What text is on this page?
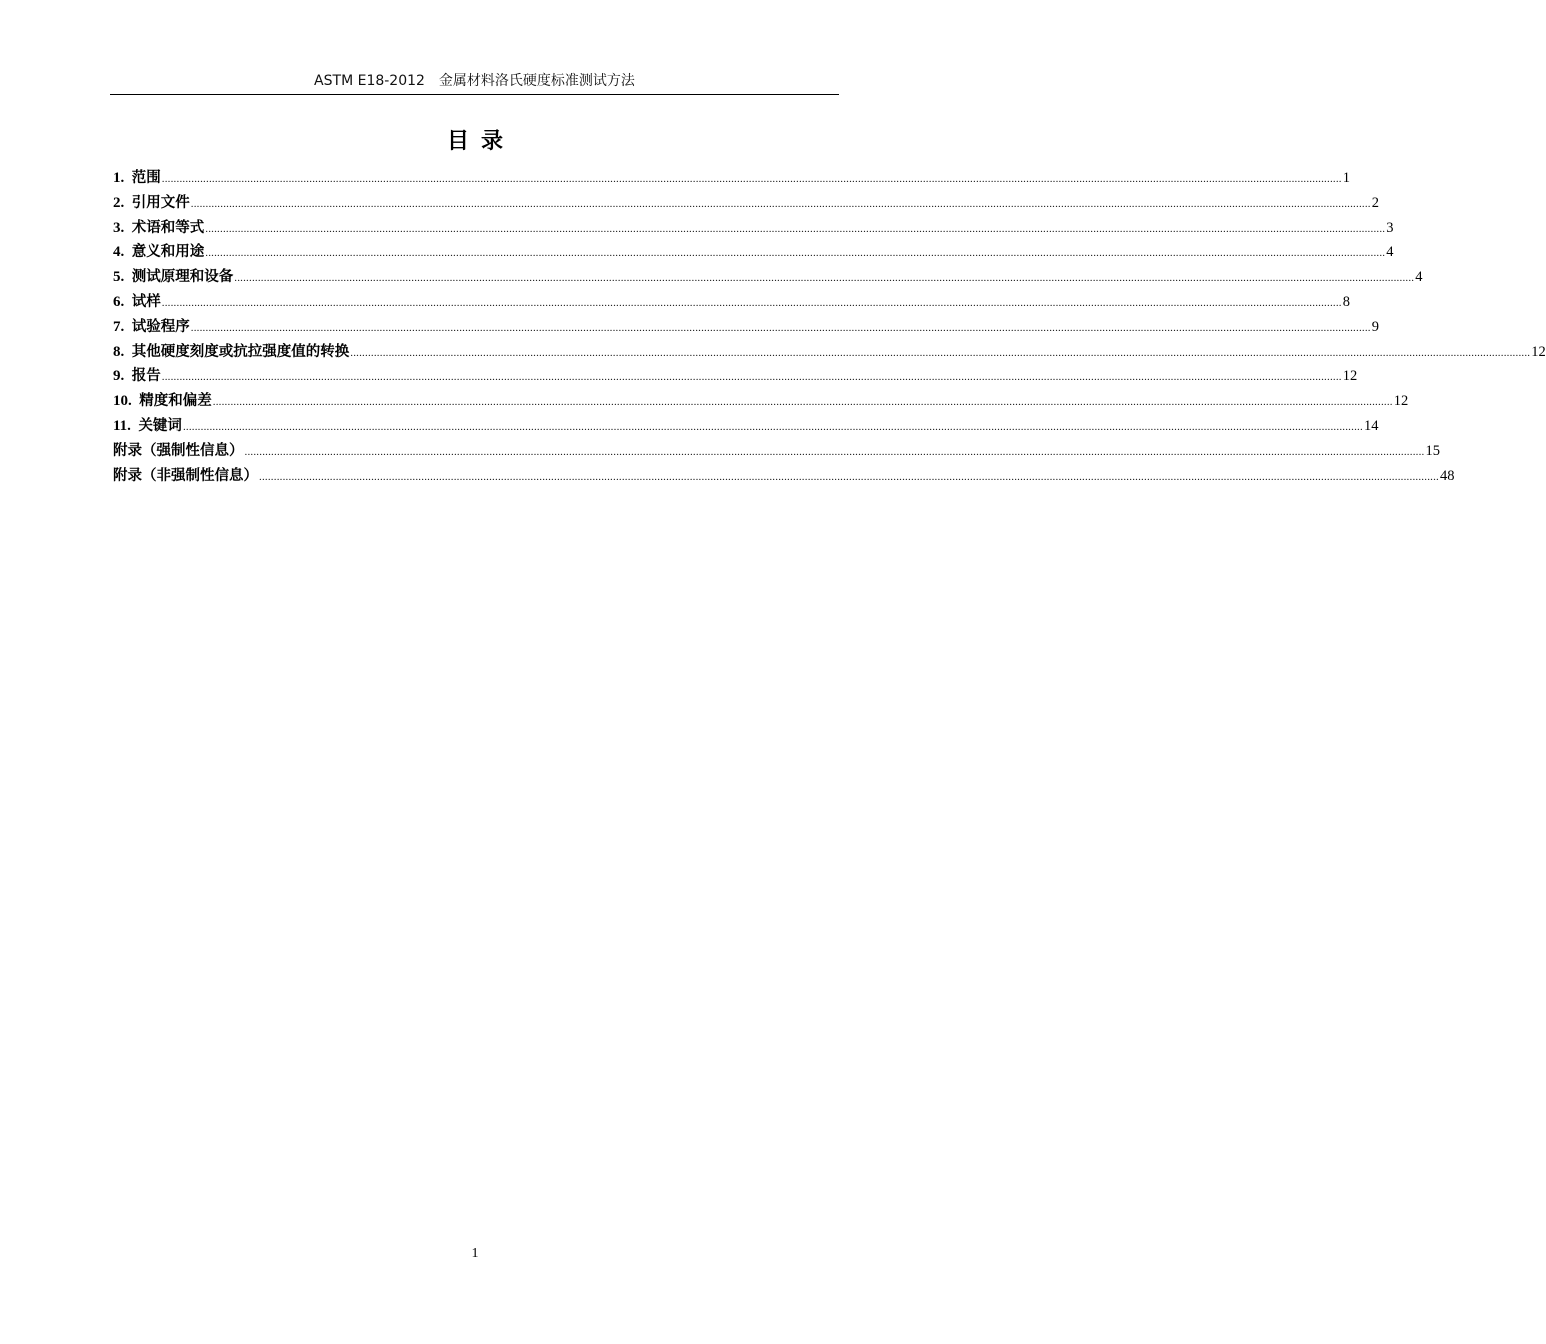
ASTM E18-2012　金属材料洛氏硬度标准测试方法
目录
1. 范围 ................................................................................................................................................................................................................................................................................................................................................................................................................ 1
2. 引用文件 ................................................................................................................................................................................................................................................................................................................................................................................................................ 2
3. 术语和等式 ................................................................................................................................................................................................................................................................................................................................................................................................................ 3
4. 意义和用途 ................................................................................................................................................................................................................................................................................................................................................................................................................ 4
5. 测试原理和设备 ................................................................................................................................................................................................................................................................................................................................................................................................................ 4
6. 试样 ................................................................................................................................................................................................................................................................................................................................................................................................................ 8
7. 试验程序 ................................................................................................................................................................................................................................................................................................................................................................................................................ 9
8. 其他硬度刻度或抗拉强度值的转换 ................................................................................................................................................................................................................................................................................................................................................................................................................ 12
9. 报告 ................................................................................................................................................................................................................................................................................................................................................................................................................ 12
10. 精度和偏差 ................................................................................................................................................................................................................................................................................................................................................................................................................ 12
11. 关键词 ................................................................................................................................................................................................................................................................................................................................................................................................................ 14
附录（强制性信息） ................................................................................................................................................................................................................................................................................................................................................................................................................ 15
附录（非强制性信息） ................................................................................................................................................................................................................................................................................................................................................................................................................ 48
1
